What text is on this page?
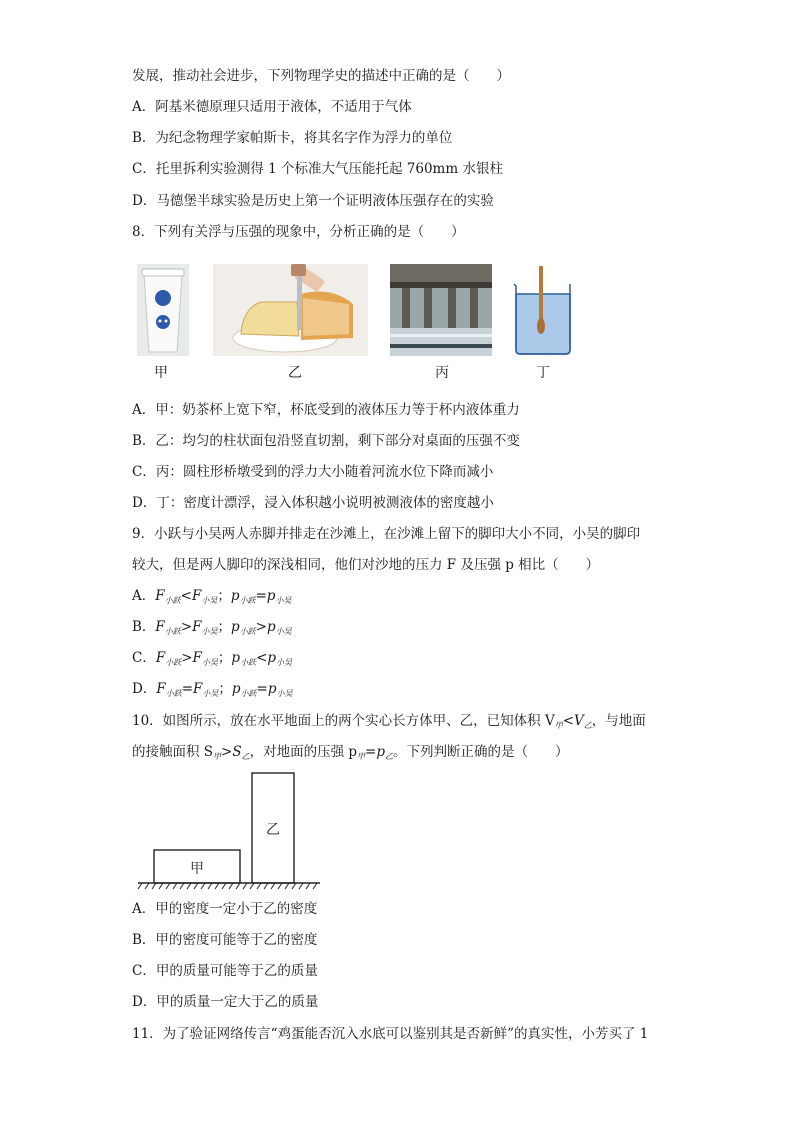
发展，推动社会进步，下列物理学史的描述中正确的是（　　）
A．阿基米德原理只适用于液体，不适用于气体
B．为纪念物理学家帕斯卡，将其名字作为浮力的单位
C．托里拆利实验测得 1 个标准大气压能托起 760mm 水银柱
D．马德堡半球实验是历史上第一个证明液体压强存在的实验
8．下列有关浮与压强的现象中，分析正确的是（　　）
甲	乙	丙	丁
A．甲：奶茶杯上宽下窄，杯底受到的液体压力等于杯内液体重力
B．乙：均匀的柱状面包沿竖直切割，剩下部分对桌面的压强不变
C．丙：圆柱形桥墩受到的浮力大小随着河流水位下降而减小
D．丁：密度计漂浮，浸入体积越小说明被测液体的密度越小
9．小跃与小吴两人赤脚并排走在沙滩上，在沙滩上留下的脚印大小不同，小吴的脚印
较大，但是两人脚印的深浅相同，他们对沙地的压力 F 及压强 p 相比（　　）
A．$F_{小跃}<F_{小吴}$；$p_{小跃}=p_{小吴}$
B．$F_{小跃}>F_{小吴}$；$p_{小跃}>p_{小吴}$
C．$F_{小跃}>F_{小吴}$；$p_{小跃}<p_{小吴}$
D．$F_{小跃}=F_{小吴}$；$p_{小跃}=p_{小吴}$
10．如图所示，放在水平地面上的两个实心长方体甲、乙，已知体积 $V_甲<V_乙$，与地面
的接触面积 $S_甲>S_乙$，对地面的压强 $p_甲=p_乙$。下列判断正确的是（　　）
甲
乙
A．甲的密度一定小于乙的密度
B．甲的密度可能等于乙的密度
C．甲的质量可能等于乙的质量
D．甲的质量一定大于乙的质量
11．为了验证网络传言“鸡蛋能否沉入水底可以鉴别其是否新鲜”的真实性，小芳买了 1
